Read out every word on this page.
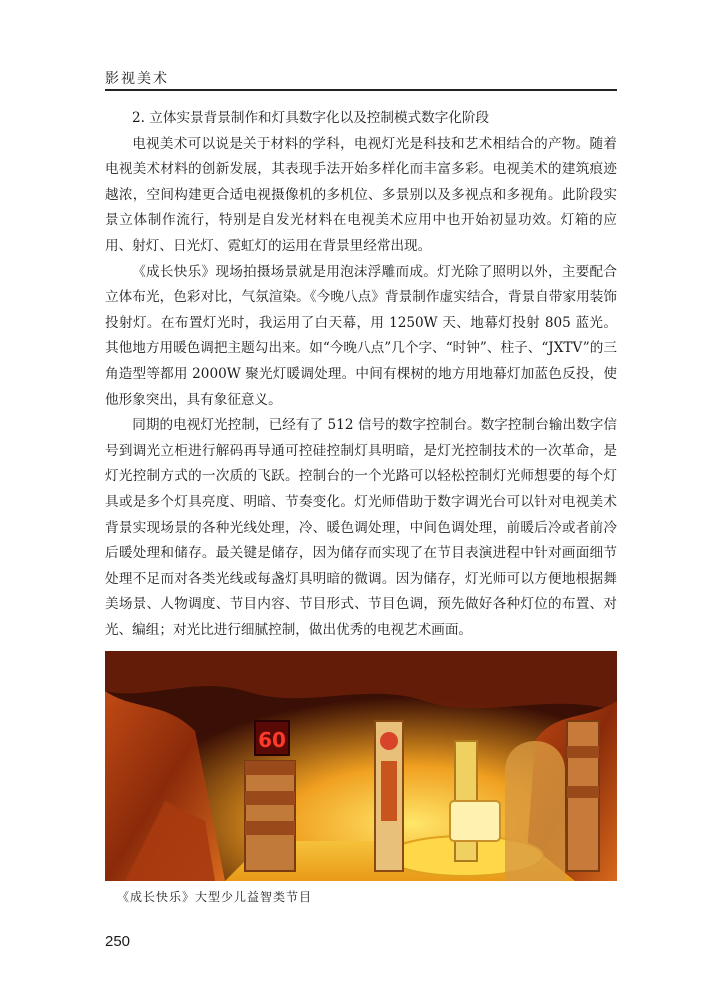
影视美术

2. 立体实景背景制作和灯具数字化以及控制模式数字化阶段

电视美术可以说是关于材料的学科，电视灯光是科技和艺术相结合的产物。随着电视美术材料的创新发展，其表现手法开始多样化而丰富多彩。电视美术的建筑痕迹越浓，空间构建更合适电视摄像机的多机位、多景别以及多视点和多视角。此阶段实景立体制作流行，特别是自发光材料在电视美术应用中也开始初显功效。灯箱的应用、射灯、日光灯、霓虹灯的运用在背景里经常出现。

《成长快乐》现场拍摄场景就是用泡沫浮雕而成。灯光除了照明以外，主要配合立体布光，色彩对比，气氛渲染。《今晚八点》背景制作虚实结合，背景自带家用装饰投射灯。在布置灯光时，我运用了白天幕，用 1250W 天、地幕灯投射 805 蓝光。其他地方用暖色调把主题勾出来。如“今晚八点”几个字、“时钟”、柱子、“JXTV”的三角造型等都用 2000W 聚光灯暖调处理。中间有棵树的地方用地幕灯加蓝色反投，使他形象突出，具有象征意义。

同期的电视灯光控制，已经有了 512 信号的数字控制台。数字控制台输出数字信号到调光立柜进行解码再导通可控硅控制灯具明暗，是灯光控制技术的一次革命，是灯光控制方式的一次质的飞跃。控制台的一个光路可以轻松控制灯光师想要的每个灯具或是多个灯具亮度、明暗、节奏变化。灯光师借助于数字调光台可以针对电视美术背景实现场景的各种光线处理，冷、暖色调处理，中间色调处理，前暖后冷或者前冷后暖处理和储存。最关键是储存，因为储存而实现了在节目表演进程中针对画面细节处理不足而对各类光线或每盏灯具明暗的微调。因为储存，灯光师可以方便地根据舞美场景、人物调度、节目内容、节目形式、节目色调，预先做好各种灯位的布置、对光、编组；对光比进行细腻控制，做出优秀的电视艺术画面。

60
《成长快乐》大型少儿益智类节目
250
